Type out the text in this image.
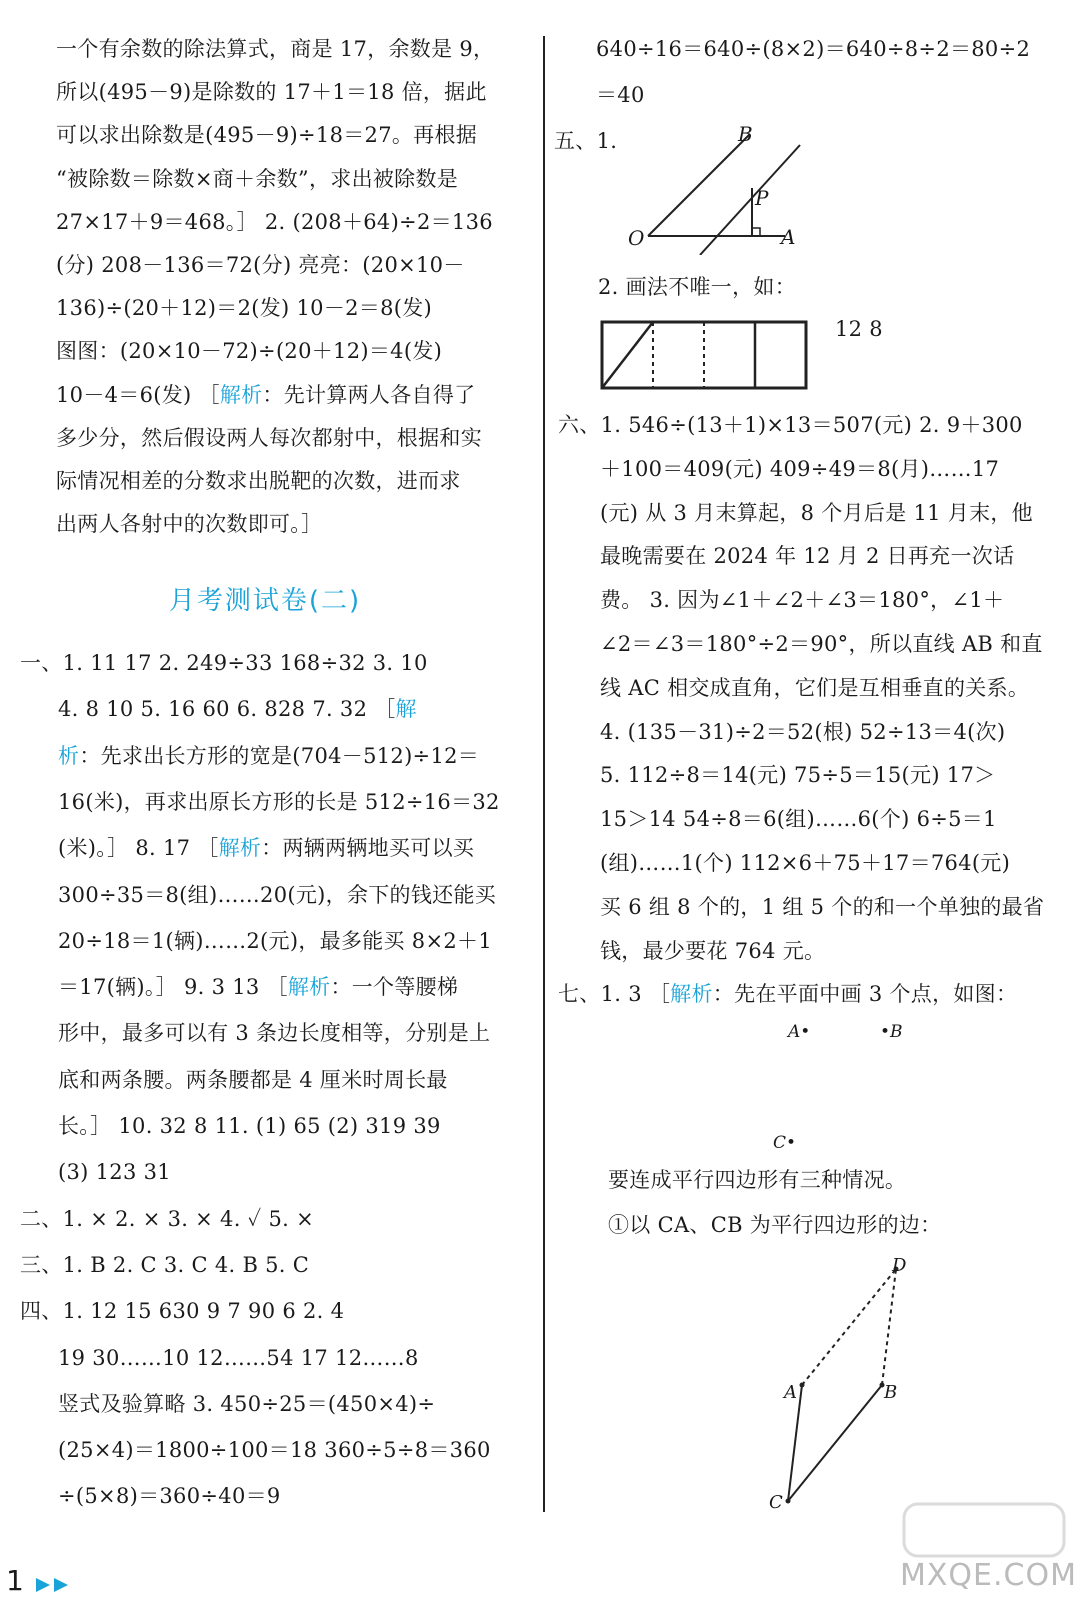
一个有余数的除法算式，商是 17，余数是 9，
所以(495－9)是除数的 17＋1＝18 倍，据此
可以求出除数是(495－9)÷18＝27。再根据
“被除数＝除数×商＋余数”，求出被除数是
27×17＋9＝468。］ 2. (208＋64)÷2＝136
(分) 208－136＝72(分) 亮亮：(20×10－
136)÷(20＋12)＝2(发) 10－2＝8(发)
图图：(20×10－72)÷(20＋12)＝4(发)
10－4＝6(发) ［解析：先计算两人各自得了
多少分，然后假设两人每次都射中，根据和实
际情况相差的分数求出脱靶的次数，进而求
出两人各射中的次数即可。］
月考测试卷(二)
一、1. 11 17 2. 249÷33 168÷32 3. 10
4. 8 10 5. 16 60 6. 828 7. 32 ［解
析：先求出长方形的宽是(704－512)÷12＝
16(米)，再求出原长方形的长是 512÷16＝32
(米)。］ 8. 17 ［解析：两辆两辆地买可以买
300÷35＝8(组)……20(元)，余下的钱还能买
20÷18＝1(辆)……2(元)，最多能买 8×2＋1
＝17(辆)。］ 9. 3 13 ［解析：一个等腰梯
形中，最多可以有 3 条边长度相等，分别是上
底和两条腰。两条腰都是 4 厘米时周长最
长。］ 10. 32 8 11. (1) 65 (2) 319 39
(3) 123 31
二、1. × 2. × 3. × 4. ✓ 5. ×
三、1. B 2. C 3. C 4. B 5. C
四、1. 12 15 630 9 7 90 6 2. 4
19 30……10 12……54 17 12……8
竖式及验算略 3. 450÷25＝(450×4)÷
(25×4)＝1800÷100＝18 360÷5÷8＝360
÷(5×8)＝360÷40＝9
640÷16＝640÷(8×2)＝640÷8÷2＝80÷2
＝40
五、1.	B
P
O	A
2. 画法不唯一，如：
12 8
六、1. 546÷(13＋1)×13＝507(元) 2. 9＋300
＋100＝409(元) 409÷49＝8(月)……17
(元) 从 3 月末算起，8 个月后是 11 月末，他
最晚需要在 2024 年 12 月 2 日再充一次话
费。 3. 因为∠1＋∠2＋∠3＝180°，∠1＋
∠2＝∠3＝180°÷2＝90°，所以直线 AB 和直
线 AC 相交成直角，它们是互相垂直的关系。
4. (135－31)÷2＝52(根) 52÷13＝4(次)
5. 112÷8＝14(元) 75÷5＝15(元) 17＞
15＞14 54÷8＝6(组)……6(个) 6÷5＝1
(组)……1(个) 112×6＋75＋17＝764(元)
买 6 组 8 个的，1 组 5 个的和一个单独的最省
钱，最少要花 764 元。
七、1. 3 ［解析：先在平面中画 3 个点，如图：
A•	•B
C•
要连成平行四边形有三种情况。
①以 CA、CB 为平行四边形的边：
D
A	B
C
1	MXQE.COM
